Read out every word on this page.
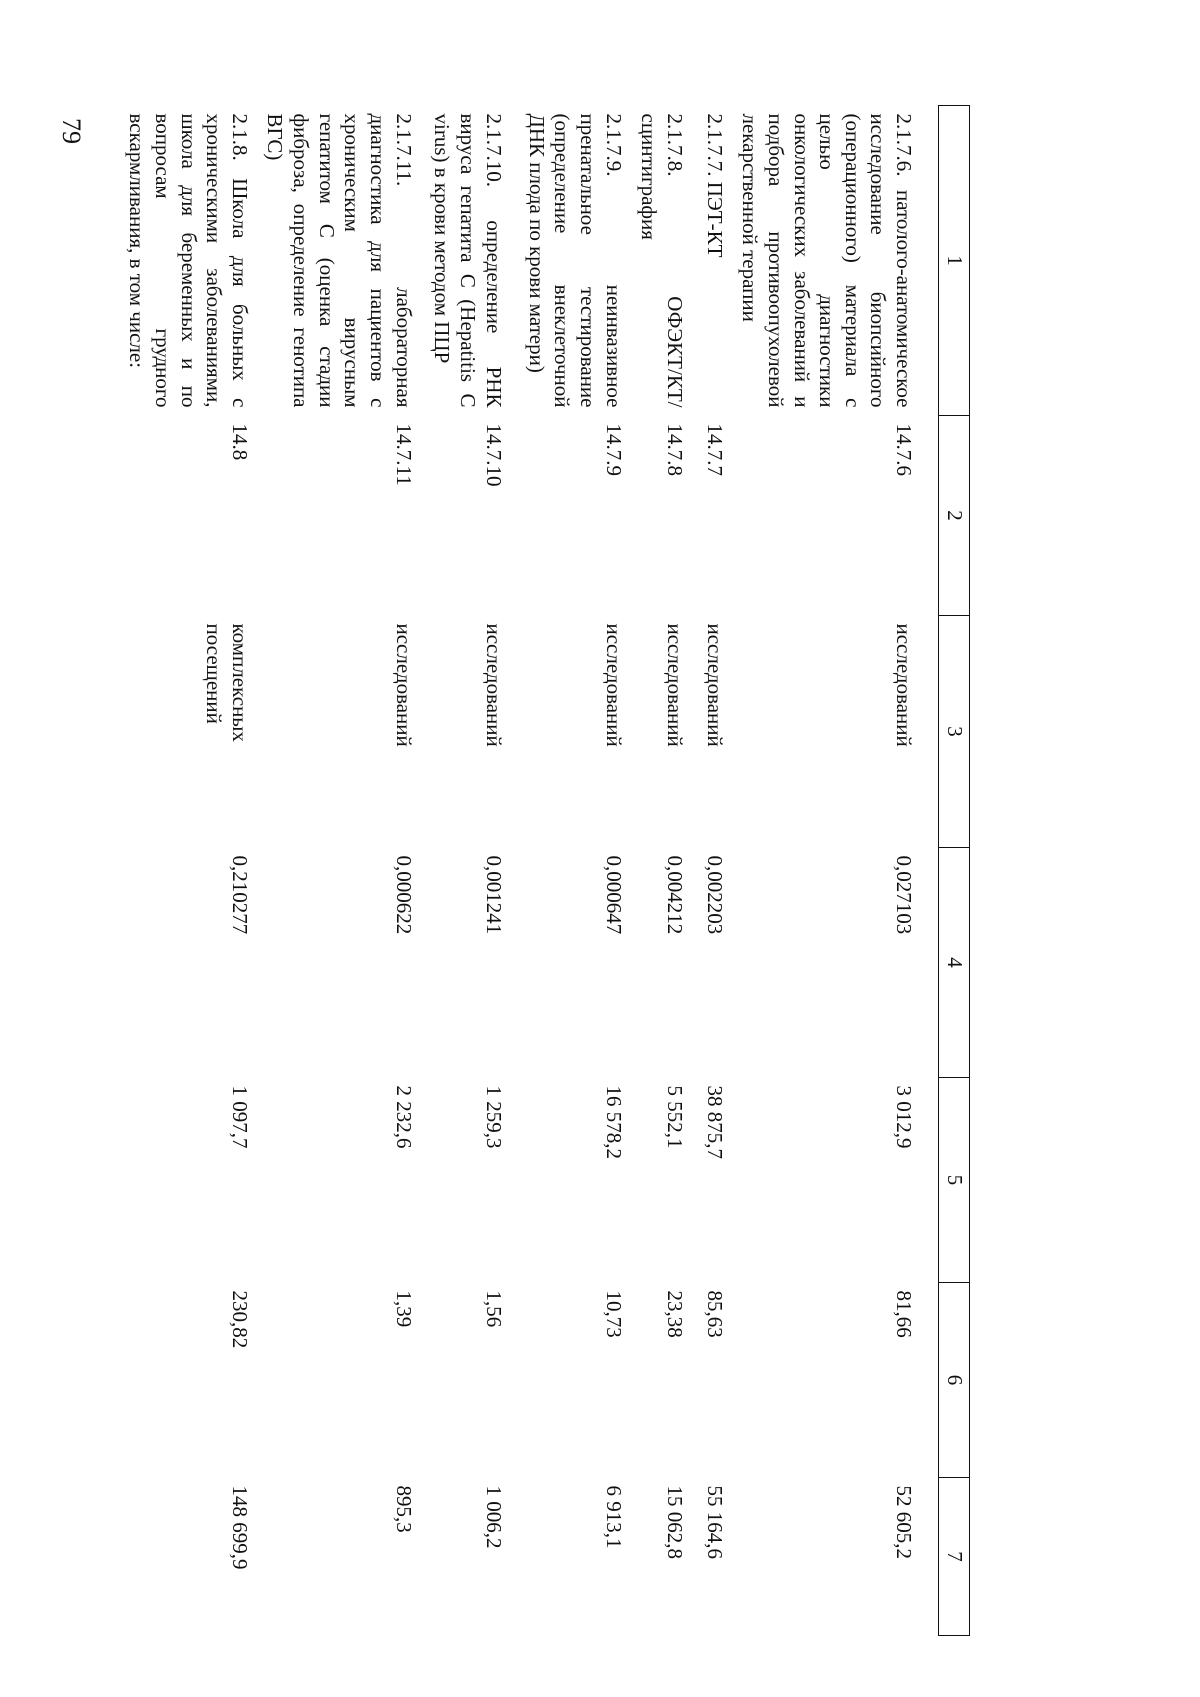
79
1	2	3	4	5	6	7
2.1.7.6. патолого-анатомическое исследование биопсийного (операционного) материала с целью диагностики онкологических заболеваний и подбора противоопухолевой лекарственной терапии	14.7.6	исследований	0,027103	3 012,9	81,66	52 605,2
2.1.7.7. ПЭТ-КТ	14.7.7	исследований	0,002203	38 875,7	85,63	55 164,6
2.1.7.8. ОФЭКТ/КТ/сцинтиграфия	14.7.8	исследований	0,004212	5 552,1	23,38	15 062,8
2.1.7.9. неинвазивное пренатальное тестирование (определение внеклеточной ДНК плода по крови матери)	14.7.9	исследований	0,000647	16 578,2	10,73	6 913,1
2.1.7.10. определение РНК вируса гепатита C (Hepatitis C virus) в крови методом ПЦР	14.7.10	исследований	0,001241	1 259,3	1,56	1 006,2
2.1.7.11. лабораторная диагностика для пациентов с хроническим вирусным гепатитом C (оценка стадии фиброза, определение генотипа ВГС)	14.7.11	исследований	0,000622	2 232,6	1,39	895,3
2.1.8. Школа для больных с хроническими заболеваниями, школа для беременных и по вопросам грудного вскармливания, в том числе:	14.8	комплексных посещений	0,210277	1 097,7	230,82	148 699,9
